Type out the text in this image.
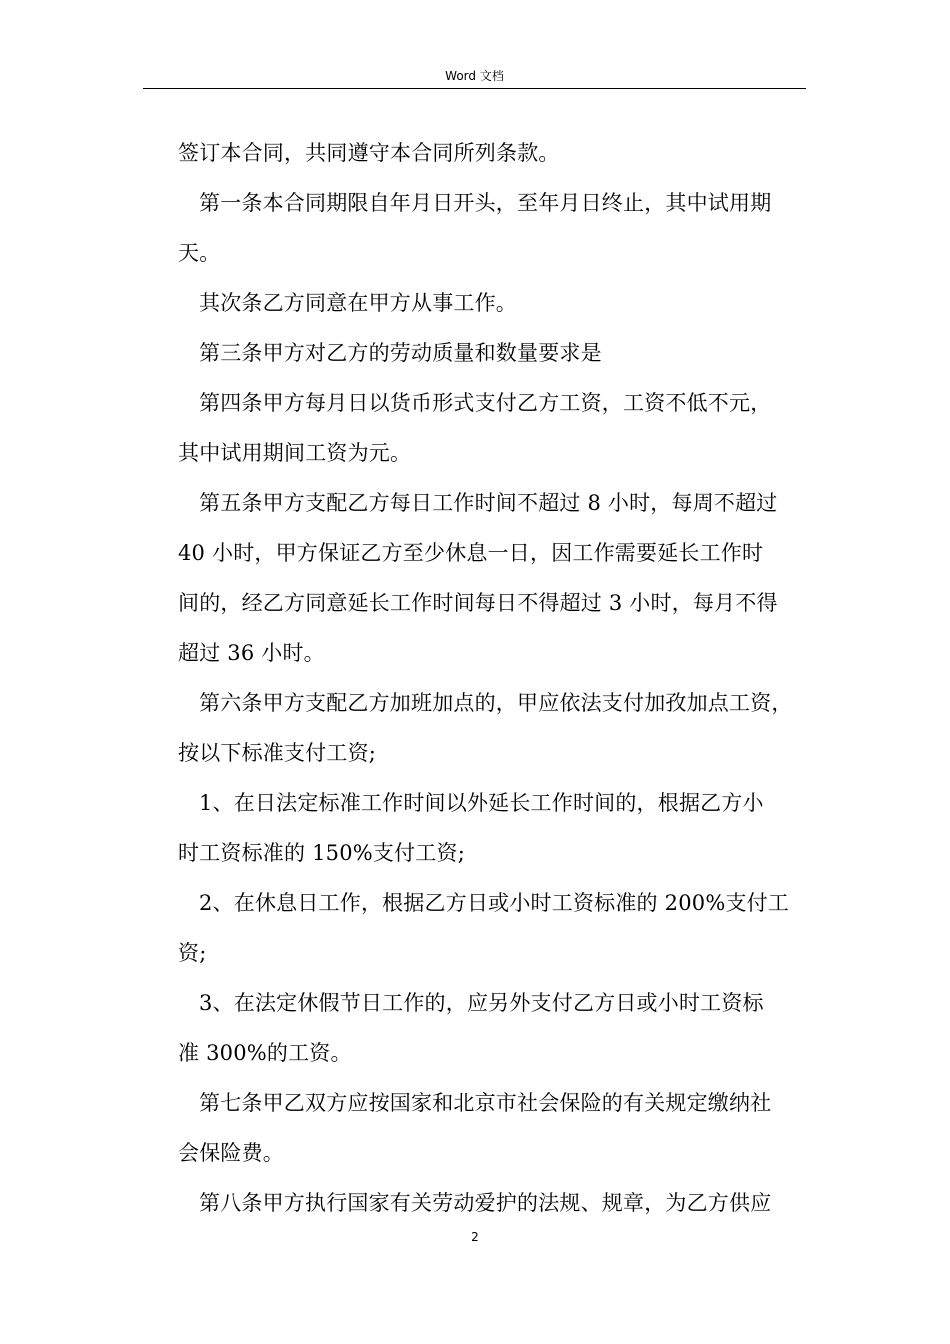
Word 文档

签订本合同，共同遵守本合同所列条款。

第一条本合同期限自年月日开头，至年月日终止，其中试用期

天。

其次条乙方同意在甲方从事工作。

第三条甲方对乙方的劳动质量和数量要求是

第四条甲方每月日以货币形式支付乙方工资，工资不低不元，

其中试用期间工资为元。

第五条甲方支配乙方每日工作时间不超过 8 小时，每周不超过

40 小时，甲方保证乙方至少休息一日，因工作需要延长工作时

间的，经乙方同意延长工作时间每日不得超过 3 小时，每月不得

超过 36 小时。

第六条甲方支配乙方加班加点的，甲应依法支付加孜加点工资，

按以下标准支付工资;

1、在日法定标准工作时间以外延长工作时间的，根据乙方小

时工资标准的 150%支付工资;

2、在休息日工作，根据乙方日或小时工资标准的 200%支付工

资;

3、在法定休假节日工作的，应另外支付乙方日或小时工资标

准 300%的工资。

第七条甲乙双方应按国家和北京市社会保险的有关规定缴纳社

会保险费。

第八条甲方执行国家有关劳动爱护的法规、规章，为乙方供应

2
